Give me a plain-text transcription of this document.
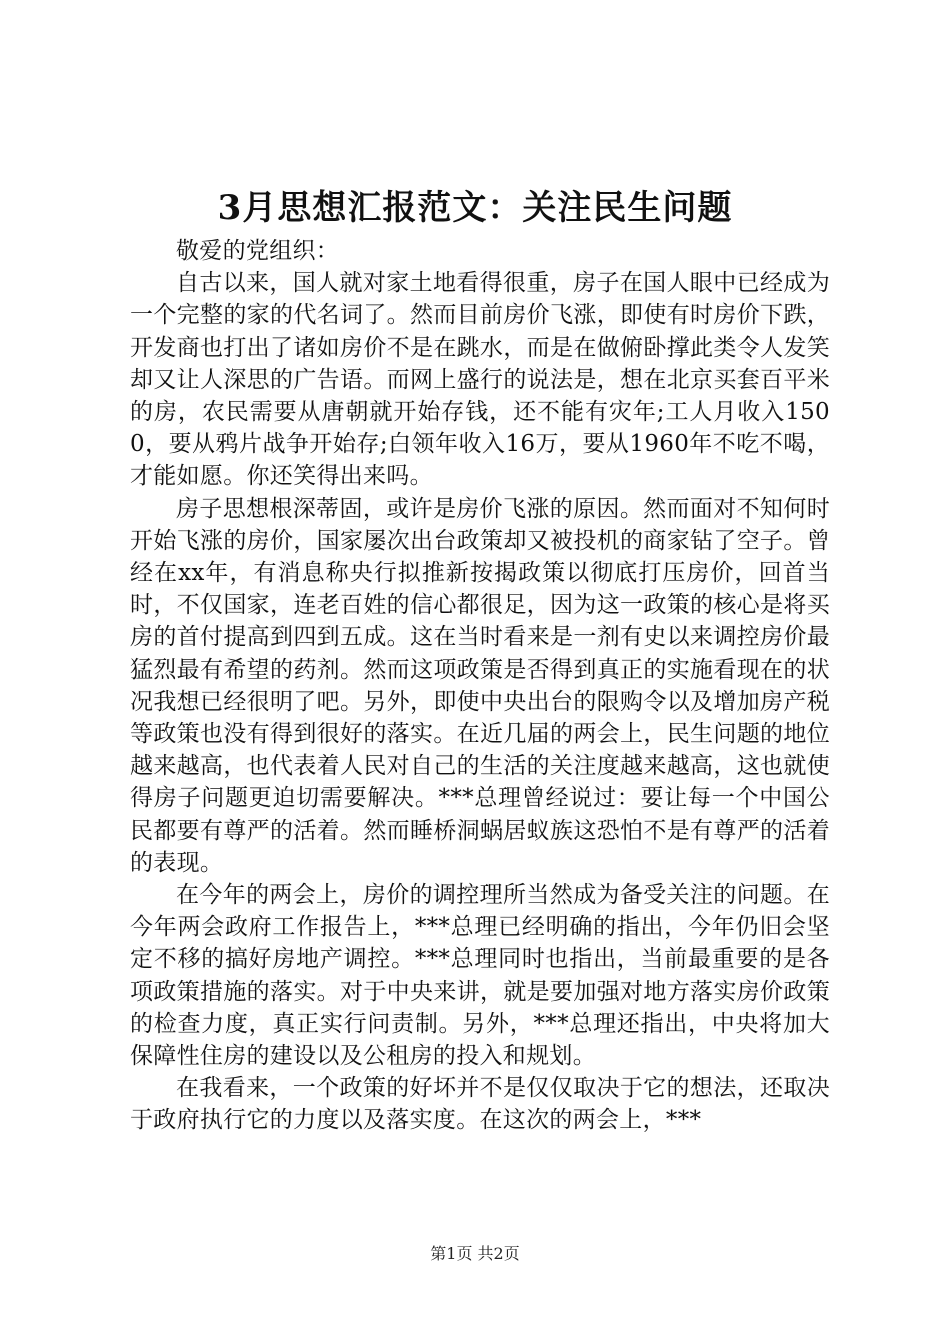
3月思想汇报范文：关注民生问题

敬爱的党组织：

自古以来，国人就对家土地看得很重，房子在国人眼中已经成为一个完整的家的代名词了。然而目前房价飞涨，即使有时房价下跌，开发商也打出了诸如房价不是在跳水，而是在做俯卧撑此类令人发笑却又让人深思的广告语。而网上盛行的说法是，想在北京买套百平米的房，农民需要从唐朝就开始存钱，还不能有灾年;工人月收入1500，要从鸦片战争开始存;白领年收入16万，要从1960年不吃不喝，才能如愿。你还笑得出来吗。

房子思想根深蒂固，或许是房价飞涨的原因。然而面对不知何时开始飞涨的房价，国家屡次出台政策却又被投机的商家钻了空子。曾经在xx年，有消息称央行拟推新按揭政策以彻底打压房价，回首当时，不仅国家，连老百姓的信心都很足，因为这一政策的核心是将买房的首付提高到四到五成。这在当时看来是一剂有史以来调控房价最猛烈最有希望的药剂。然而这项政策是否得到真正的实施看现在的状况我想已经很明了吧。另外，即使中央出台的限购令以及增加房产税等政策也没有得到很好的落实。在近几届的两会上，民生问题的地位越来越高，也代表着人民对自己的生活的关注度越来越高，这也就使得房子问题更迫切需要解决。***总理曾经说过：要让每一个中国公民都要有尊严的活着。然而睡桥洞蜗居蚁族这恐怕不是有尊严的活着的表现。

在今年的两会上，房价的调控理所当然成为备受关注的问题。在今年两会政府工作报告上，***总理已经明确的指出，今年仍旧会坚定不移的搞好房地产调控。***总理同时也指出，当前最重要的是各项政策措施的落实。对于中央来讲，就是要加强对地方落实房价政策的检查力度，真正实行问责制。另外，***总理还指出，中央将加大保障性住房的建设以及公租房的投入和规划。

在我看来，一个政策的好坏并不是仅仅取决于它的想法，还取决于政府执行它的力度以及落实度。在这次的两会上，***

第1页 共2页
